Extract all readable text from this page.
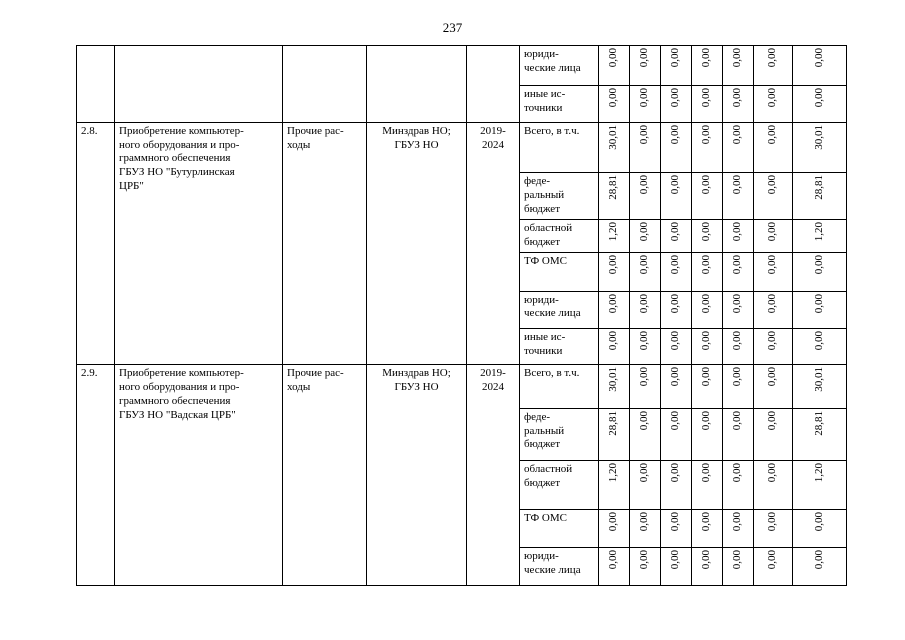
237
					юриди-
ческие лица	0,00	0,00	0,00	0,00	0,00	0,00	0,00
					иные ис-
точники	0,00	0,00	0,00	0,00	0,00	0,00	0,00
2.8.	Приобретение компьютер-
ного оборудования и про-
граммного обеспечения
ГБУЗ НО "Бутурлинская
ЦРБ"	Прочие рас-
ходы	Минздрав НО;
ГБУЗ НО	2019-
2024	Всего, в т.ч.	30,01	0,00	0,00	0,00	0,00	0,00	30,01
					феде-
ральный
бюджет	28,81	0,00	0,00	0,00	0,00	0,00	28,81
					областной
бюджет	1,20	0,00	0,00	0,00	0,00	0,00	1,20
					ТФ ОМС	0,00	0,00	0,00	0,00	0,00	0,00	0,00
					юриди-
ческие лица	0,00	0,00	0,00	0,00	0,00	0,00	0,00
					иные ис-
точники	0,00	0,00	0,00	0,00	0,00	0,00	0,00
2.9.	Приобретение компьютер-
ного оборудования и про-
граммного обеспечения
ГБУЗ НО "Вадская ЦРБ"	Прочие рас-
ходы	Минздрав НО;
ГБУЗ НО	2019-
2024	Всего, в т.ч.	30,01	0,00	0,00	0,00	0,00	0,00	30,01
					феде-
ральный
бюджет	28,81	0,00	0,00	0,00	0,00	0,00	28,81
					областной
бюджет	1,20	0,00	0,00	0,00	0,00	0,00	1,20
					ТФ ОМС	0,00	0,00	0,00	0,00	0,00	0,00	0,00
					юриди-
ческие лица	0,00	0,00	0,00	0,00	0,00	0,00	0,00
